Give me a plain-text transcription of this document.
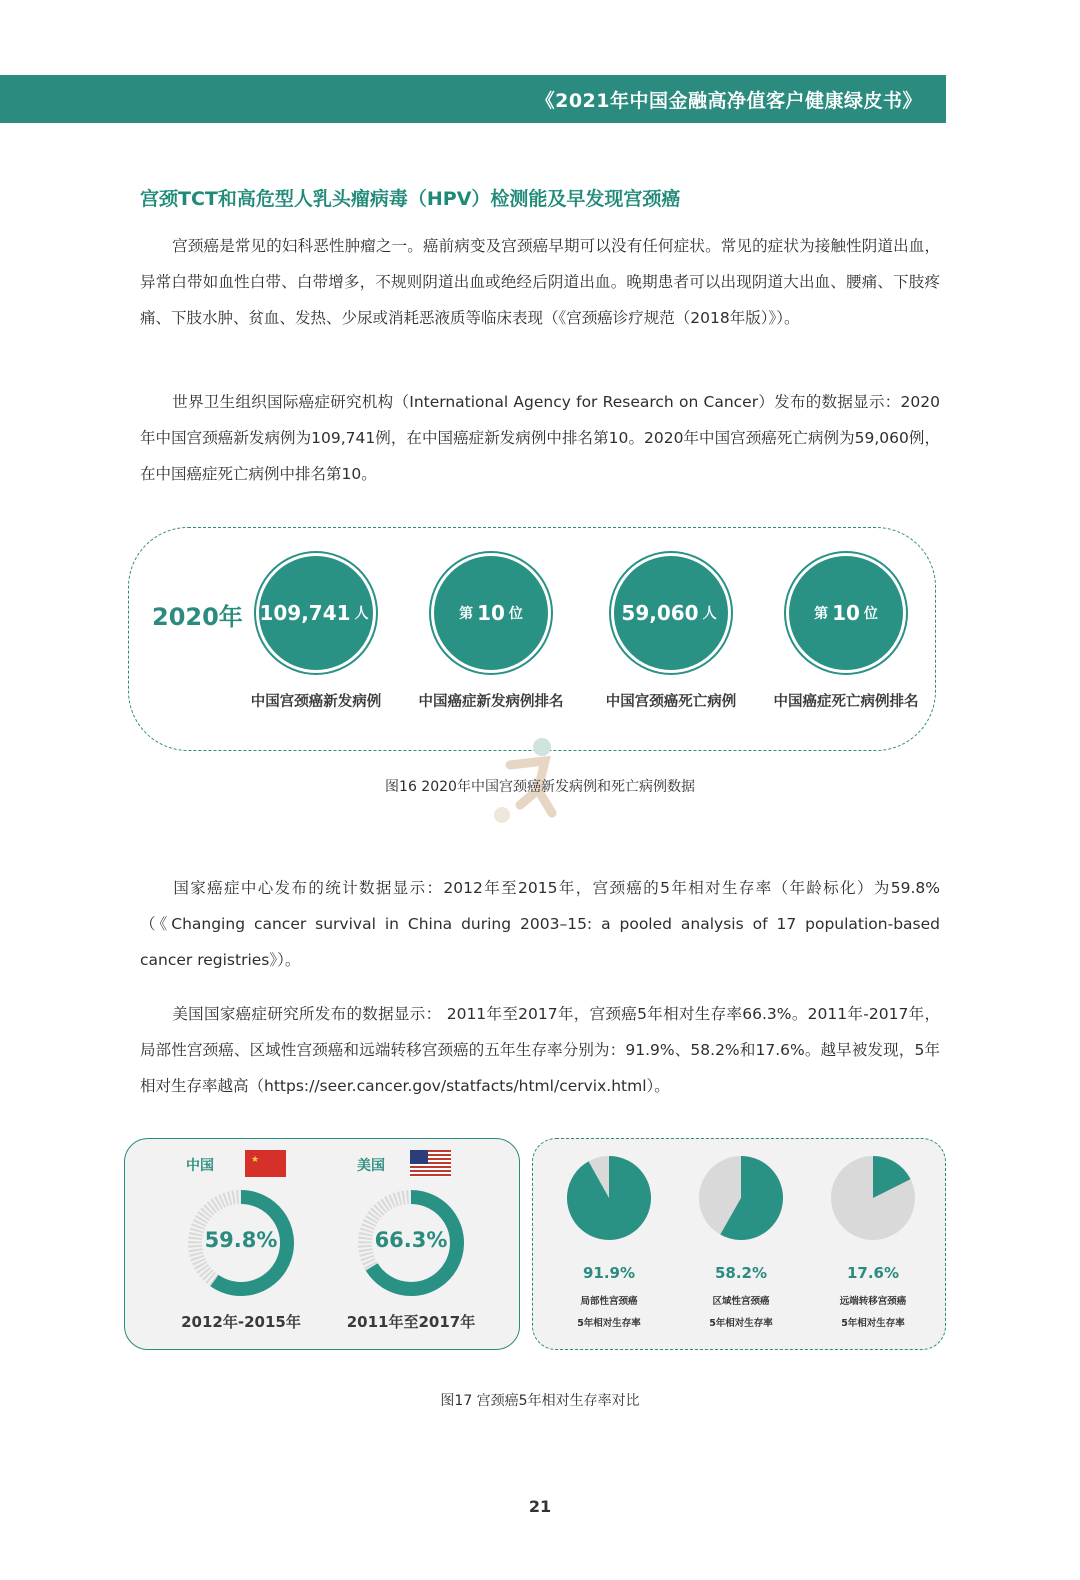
《2021年中国金融高净值客户健康绿皮书》
宫颈TCT和高危型人乳头瘤病毒（HPV）检测能及早发现宫颈癌
宫颈癌是常见的妇科恶性肿瘤之一。癌前病变及宫颈癌早期可以没有任何症状。常见的症状为接触性阴道出血，异常白带如血性白带、白带增多，不规则阴道出血或绝经后阴道出血。晚期患者可以出现阴道大出血、腰痛、下肢疼痛、下肢水肿、贫血、发热、少尿或消耗恶液质等临床表现（《宫颈癌诊疗规范（2018年版）》）。
世界卫生组织国际癌症研究机构（International Agency for Research on Cancer）发布的数据显示：2020年中国宫颈癌新发病例为109,741例，在中国癌症新发病例中排名第10。2020年中国宫颈癌死亡病例为59,060例，在中国癌症死亡病例中排名第10。
2020年 109,741 人	第 10 位	59,060 人	第 10 位
中国宫颈癌新发病例	中国癌症新发病例排名	中国宫颈癌死亡病例	中国癌症死亡病例排名
图16 2020年中国宫颈癌新发病例和死亡病例数据
国家癌症中心发布的统计数据显示：2012年至2015年，宫颈癌的5年相对生存率（年龄标化）为59.8%（《Changing cancer survival in China during 2003–15: a pooled analysis of 17 population-based cancer registries》）。
美国国家癌症研究所发布的数据显示： 2011年至2017年，宫颈癌5年相对生存率66.3%。2011年-2017年，局部性宫颈癌、区域性宫颈癌和远端转移宫颈癌的五年生存率分别为：91.9%、58.2%和17.6%。越早被发现，5年相对生存率越高（https://seer.cancer.gov/statfacts/html/cervix.html）。
中国	★	美国
59.8%	66.3%
2012年-2015年	2011年至2017年
91.9%	58.2%	17.6%
局部性宫颈癌	区域性宫颈癌	远端转移宫颈癌
5年相对生存率	5年相对生存率	5年相对生存率
图17 宫颈癌5年相对生存率对比
21
